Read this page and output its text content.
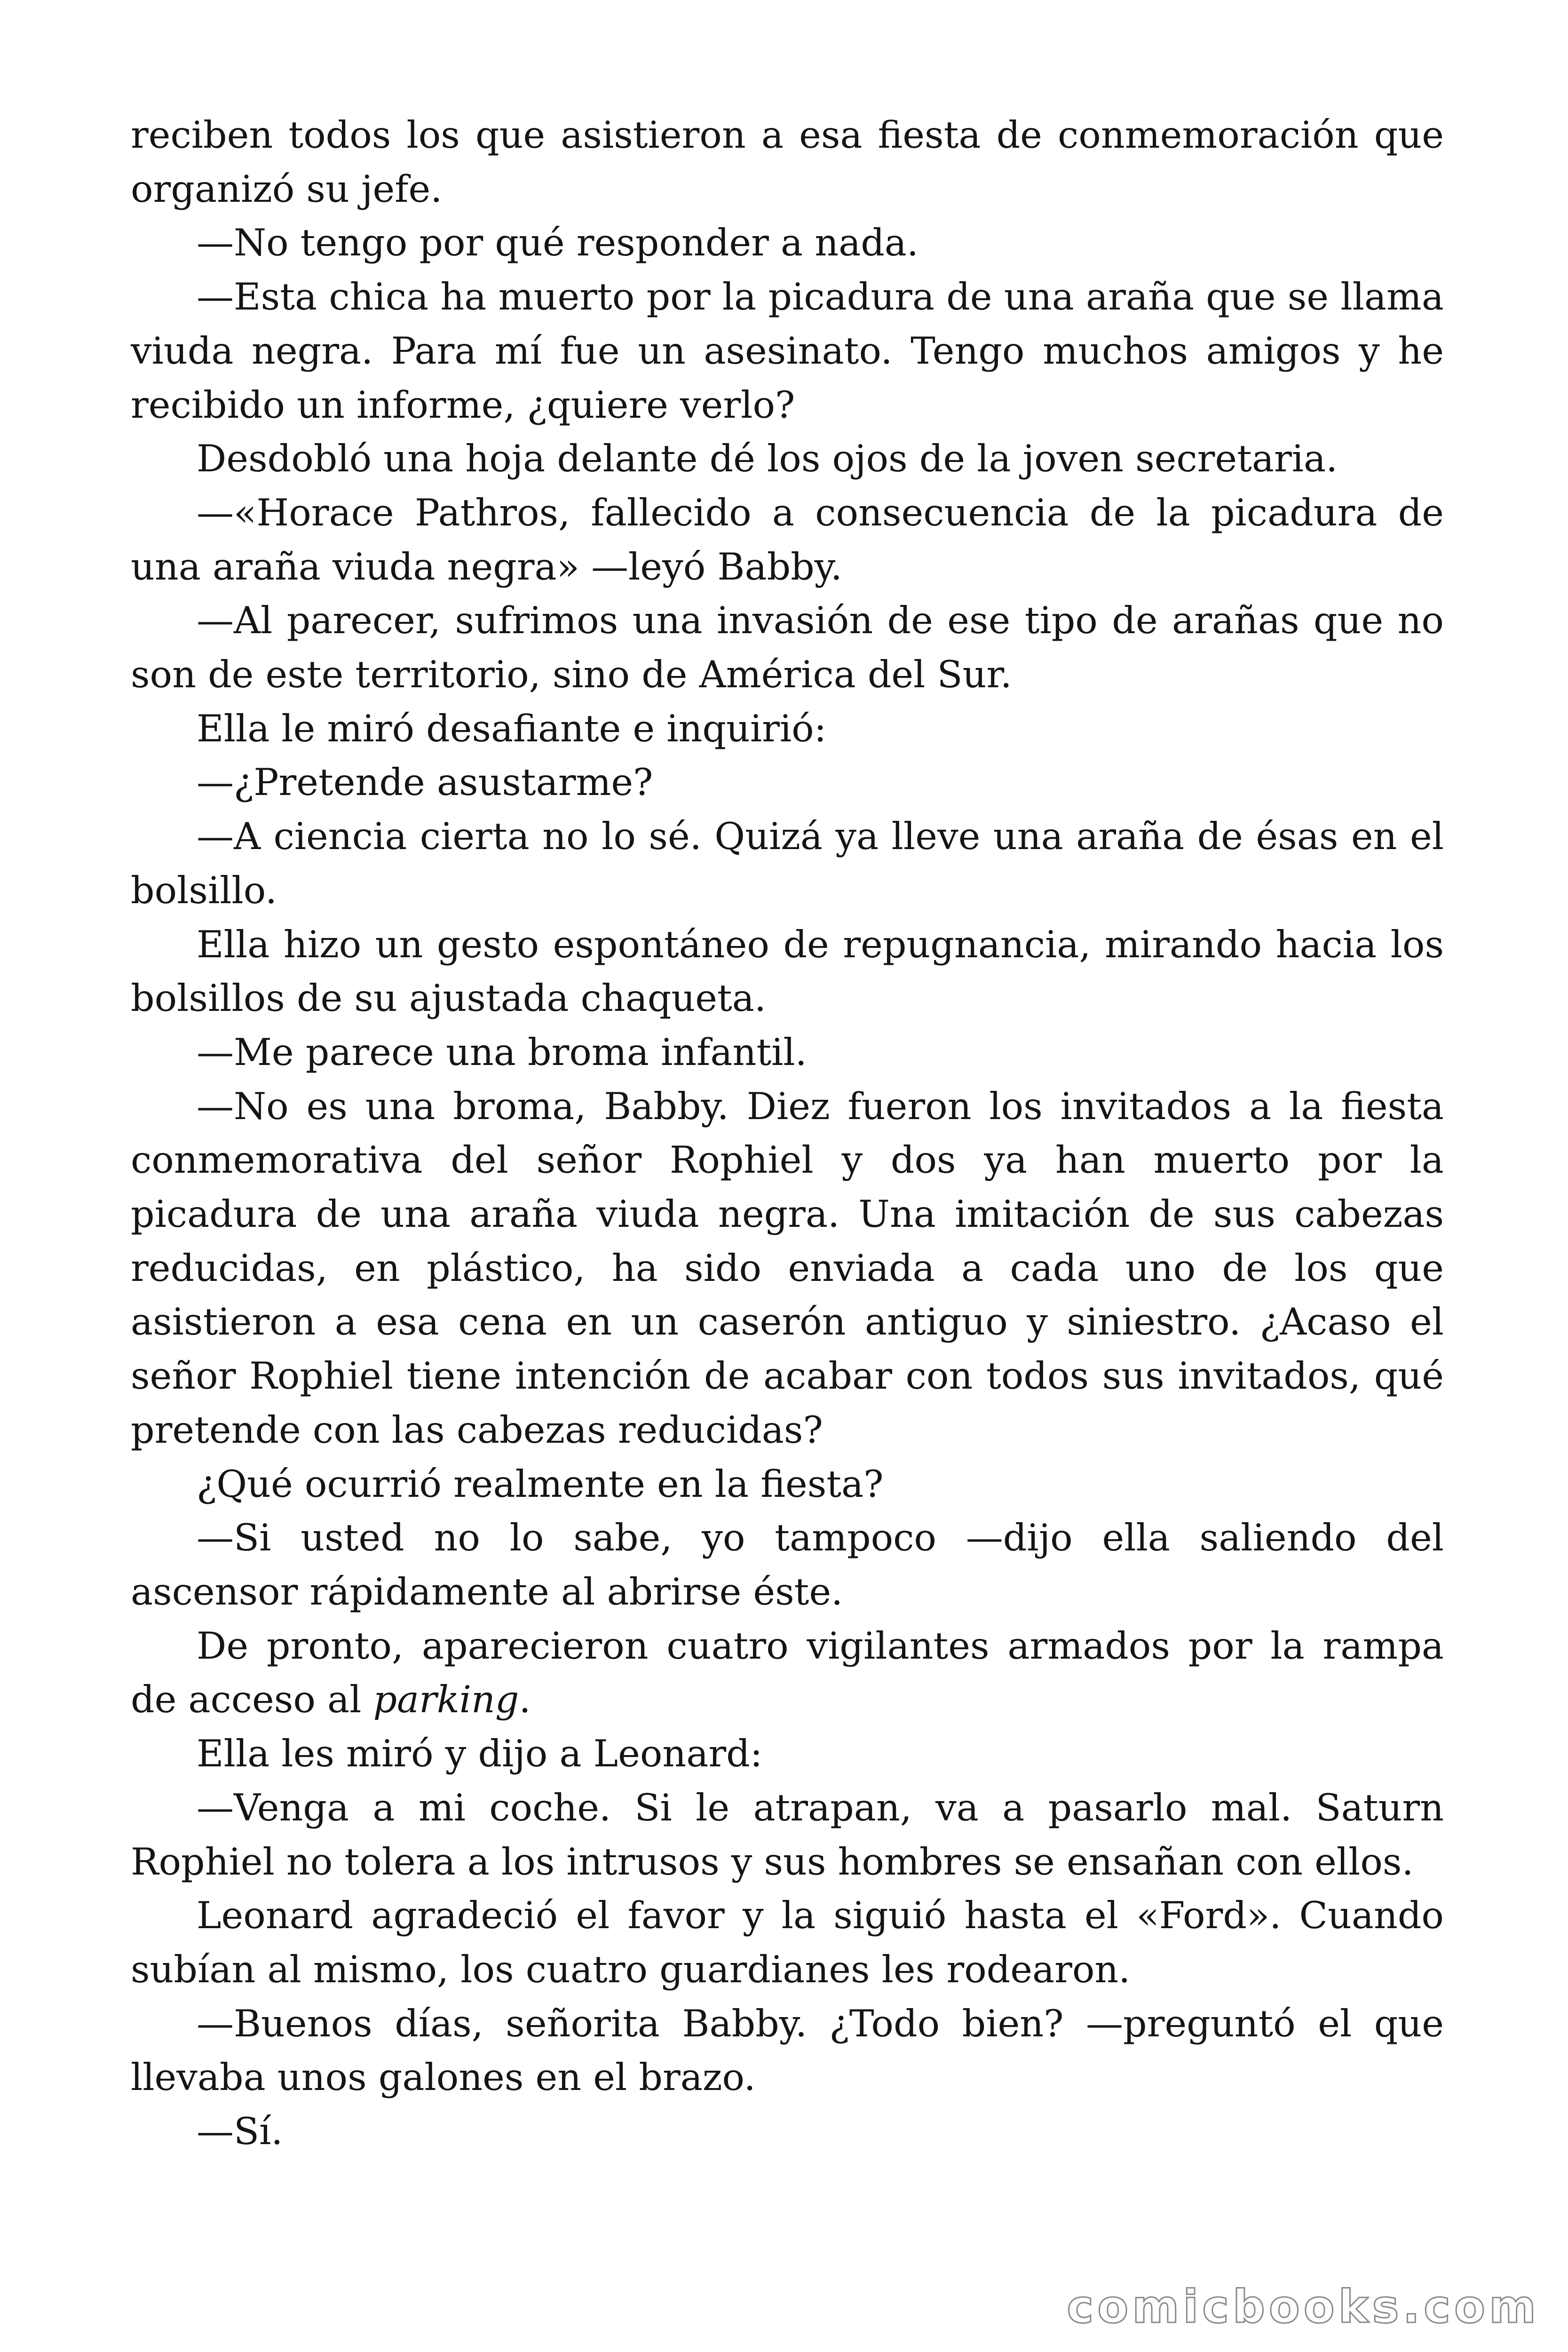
reciben todos los que asistieron a esa fiesta de conmemoración que organizó su jefe.

—No tengo por qué responder a nada.

—Esta chica ha muerto por la picadura de una araña que se llama viuda negra. Para mí fue un asesinato. Tengo muchos amigos y he recibido un informe, ¿quiere verlo?

Desdobló una hoja delante dé los ojos de la joven secretaria.

—«Horace Pathros, fallecido a consecuencia de la picadura de una araña viuda negra» —leyó Babby.

—Al parecer, sufrimos una invasión de ese tipo de arañas que no son de este territorio, sino de América del Sur.

Ella le miró desafiante e inquirió:

—¿Pretende asustarme?

—A ciencia cierta no lo sé. Quizá ya lleve una araña de ésas en el bolsillo.

Ella hizo un gesto espontáneo de repugnancia, mirando hacia los bolsillos de su ajustada chaqueta.

—Me parece una broma infantil.

—No es una broma, Babby. Diez fueron los invitados a la fiesta conmemorativa del señor Rophiel y dos ya han muerto por la picadura de una araña viuda negra. Una imitación de sus cabezas reducidas, en plástico, ha sido enviada a cada uno de los que asistieron a esa cena en un caserón antiguo y siniestro. ¿Acaso el señor Rophiel tiene intención de acabar con todos sus invitados, qué pretende con las cabezas reducidas?

¿Qué ocurrió realmente en la fiesta?

—Si usted no lo sabe, yo tampoco —dijo ella saliendo del ascensor rápidamente al abrirse éste.

De pronto, aparecieron cuatro vigilantes armados por la rampa de acceso al parking.

Ella les miró y dijo a Leonard:

—Venga a mi coche. Si le atrapan, va a pasarlo mal. Saturn Rophiel no tolera a los intrusos y sus hombres se ensañan con ellos.

Leonard agradeció el favor y la siguió hasta el «Ford». Cuando subían al mismo, los cuatro guardianes les rodearon.

—Buenos días, señorita Babby. ¿Todo bien? —preguntó el que llevaba unos galones en el brazo.

—Sí.

comicbooks.com
